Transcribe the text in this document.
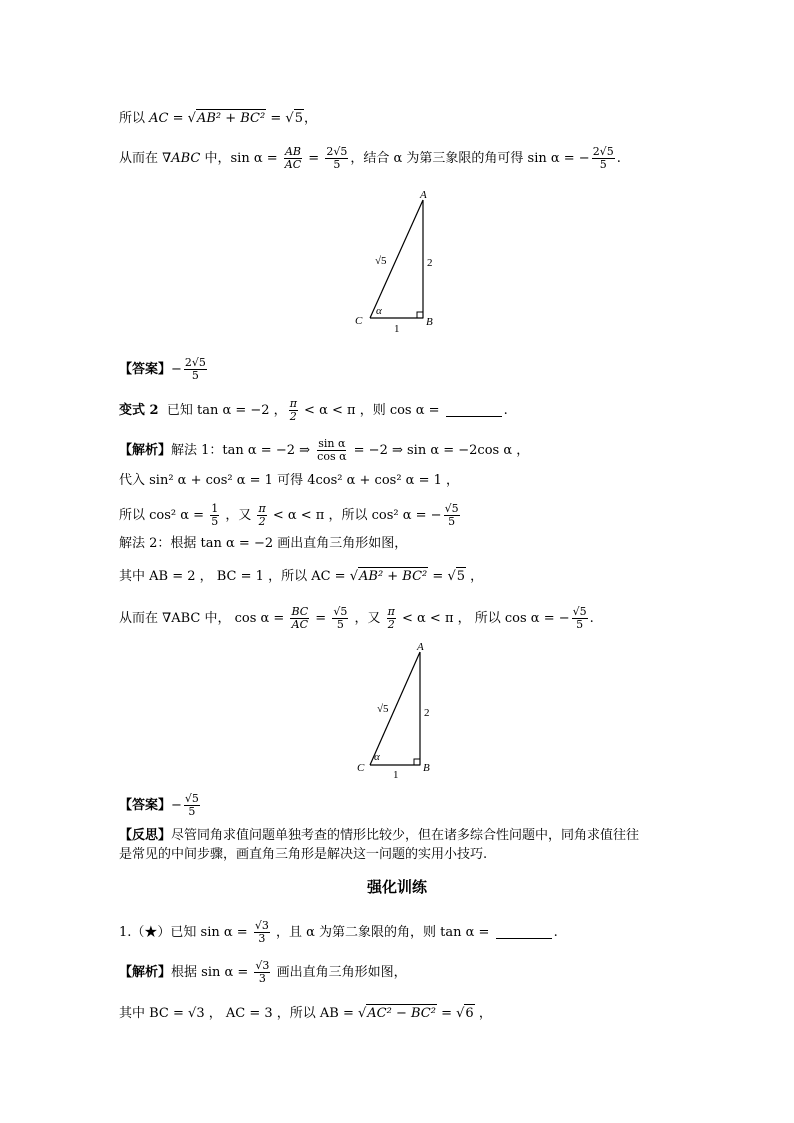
所以 AC = √ AB² + BC² = √ 5 ，
从而在 ∇ABC 中， $\sin \alpha = \frac{AB}{AC} = \frac{2√5}{5}$ ，结合 α 为第三象限的角可得 sin α = − $\frac{2√5}{5}$ .
A
B
C
√5	2
1
α
【答案】 − $\frac{2√5}{5}$
变式 2 已知 tan α = −2 ， $\frac{\pi}{2} < \alpha < \pi$ ，则 cos α =	.
【解析】 解法 1：tan α = −2 ⇒ $\frac{\text{sin α}}{\text{cos α}} = -2$ ⇒ sin α = −2cos α ，
代入 sin² α + cos² α = 1 可得 4cos² α + cos² α = 1 ，
所以 cos² $\alpha = \frac{1}{5}$ ，又 $\frac{\pi}{2} < \alpha < \pi$ ，所以 cos² α = − $\frac{√5}{5}$
解法 2：根据 tan α = −2 画出直角三角形如图，
其中 AB = 2 ， BC = 1 ，所以 AC = √ AB² + BC² = √ 5 ，
从而在 ∇ABC 中， $\cos \alpha = \frac{BC}{AC} = \frac{√5}{5}$ ，又 $\frac{\pi}{2} < \alpha < \pi$ ， 所以 cos α = − $\frac{√5}{5}$ .
A
B
C
√5	2
1
α
【答案】 − $\frac{√5}{5}$
【反思】 尽管同角求值问题单独考查的情形比较少，但在诸多综合性问题中，同角求值往往
是常见的中间步骤，画直角三角形是解决这一问题的实用小技巧.
强化训练
1.（★）已知 $\sin \alpha = \frac{√3}{3}$ ，且 α 为第二象限的角，则 tan α =	.
【解析】 根据 $\sin \alpha = \frac{√3}{3}$ 画出直角三角形如图，
其中 BC = √3 ， AC = 3 ，所以 AB = √ AC² − BC² = √ 6 ，
